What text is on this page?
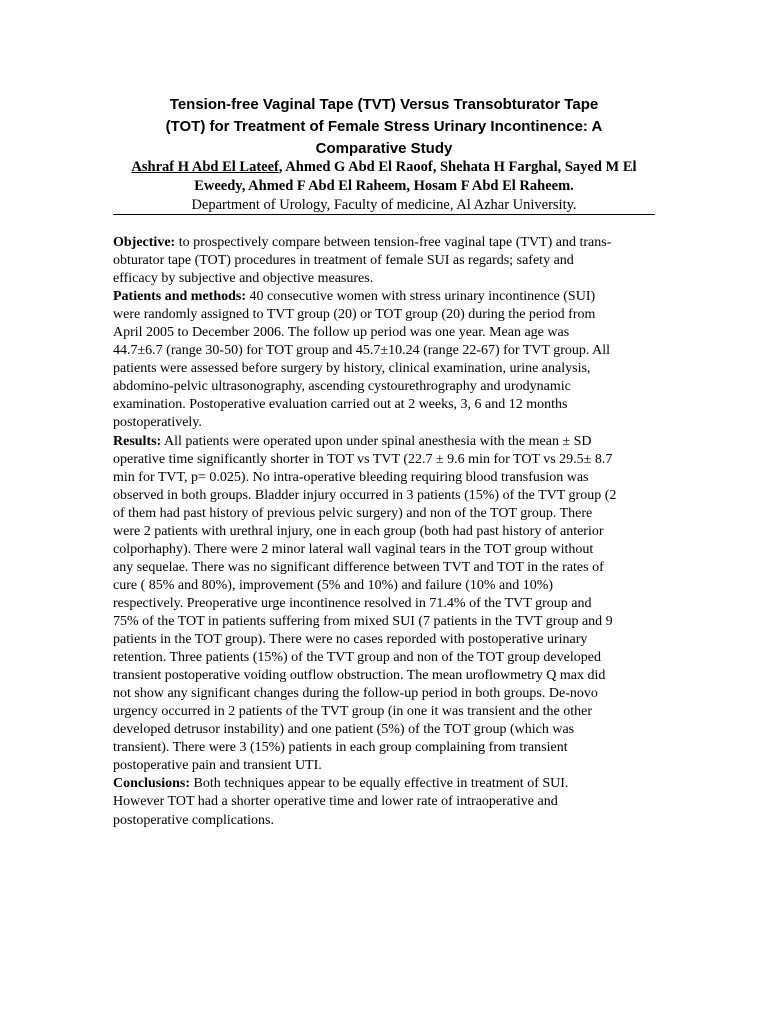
Tension-free Vaginal Tape (TVT) Versus Transobturator Tape
(TOT) for Treatment of Female Stress Urinary Incontinence: A
Comparative Study
Ashraf H Abd El Lateef, Ahmed G Abd El Raoof, Shehata H Farghal, Sayed M El
Eweedy, Ahmed F Abd El Raheem, Hosam F Abd El Raheem.
Department of Urology, Faculty of medicine, Al Azhar University.
Objective: to prospectively compare between tension-free vaginal tape (TVT) and trans-
obturator tape (TOT) procedures in treatment of female SUI as regards; safety and
efficacy by subjective and objective measures.
Patients and methods: 40 consecutive women with stress urinary incontinence (SUI)
were randomly assigned to TVT group (20) or TOT group (20) during the period from
April 2005 to December 2006. The follow up period was one year. Mean age was
44.7±6.7 (range 30-50) for TOT group and 45.7±10.24 (range 22-67) for TVT group. All
patients were assessed before surgery by history, clinical examination, urine analysis,
abdomino-pelvic ultrasonography, ascending cystourethrography and urodynamic
examination. Postoperative evaluation carried out at 2 weeks, 3, 6 and 12 months
postoperatively.
Results: All patients were operated upon under spinal anesthesia with the mean ± SD
operative time significantly shorter in TOT vs TVT (22.7 ± 9.6 min for TOT vs 29.5± 8.7
min for TVT, p= 0.025). No intra-operative bleeding requiring blood transfusion was
observed in both groups. Bladder injury occurred in 3 patients (15%) of the TVT group (2
of them had past history of previous pelvic surgery) and non of the TOT group. There
were 2 patients with urethral injury, one in each group (both had past history of anterior
colporhaphy). There were 2 minor lateral wall vaginal tears in the TOT group without
any sequelae. There was no significant difference between TVT and TOT in the rates of
cure ( 85% and 80%), improvement (5% and 10%) and failure (10% and 10%)
respectively. Preoperative urge incontinence resolved in 71.4% of the TVT group and
75% of the TOT in patients suffering from mixed SUI (7 patients in the TVT group and 9
patients in the TOT group). There were no cases reporded with postoperative urinary
retention. Three patients (15%) of the TVT group and non of the TOT group developed
transient postoperative voiding outflow obstruction. The mean uroflowmetry Q max did
not show any significant changes during the follow-up period in both groups. De-novo
urgency occurred in 2 patients of the TVT group (in one it was transient and the other
developed detrusor instability) and one patient (5%) of the TOT group (which was
transient). There were 3 (15%) patients in each group complaining from transient
postoperative pain and transient UTI.
Conclusions: Both techniques appear to be equally effective in treatment of SUI.
However TOT had a shorter operative time and lower rate of intraoperative and
postoperative complications.
